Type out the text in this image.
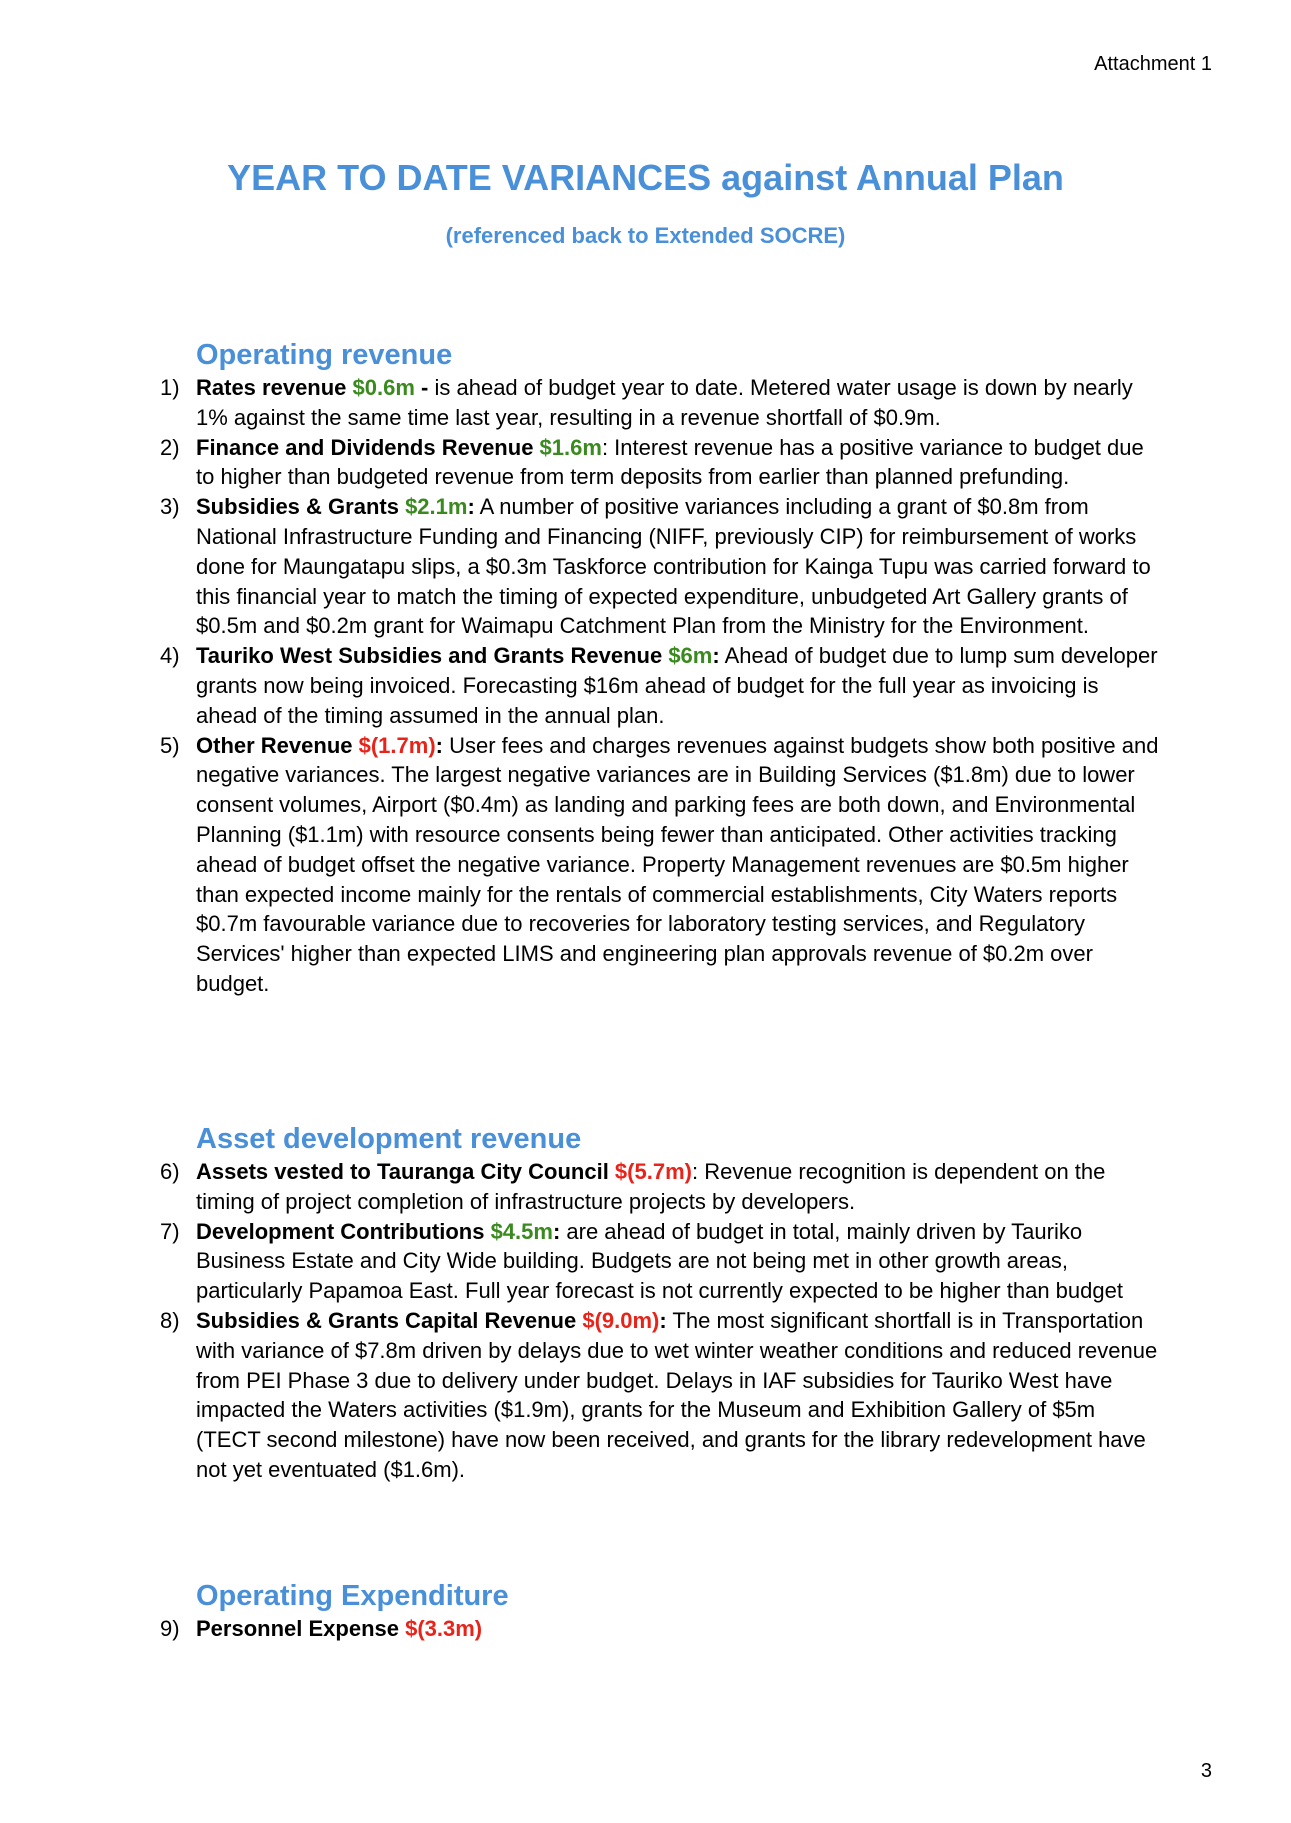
Attachment 1
YEAR TO DATE VARIANCES against Annual Plan
(referenced back to Extended SOCRE)
Operating revenue
1) Rates revenue $0.6m - is ahead of budget year to date. Metered water usage is down by nearly 1% against the same time last year, resulting in a revenue shortfall of $0.9m.
2) Finance and Dividends Revenue $1.6m: Interest revenue has a positive variance to budget due to higher than budgeted revenue from term deposits from earlier than planned prefunding.
3) Subsidies & Grants $2.1m: A number of positive variances including a grant of $0.8m from National Infrastructure Funding and Financing (NIFF, previously CIP) for reimbursement of works done for Maungatapu slips, a $0.3m Taskforce contribution for Kainga Tupu was carried forward to this financial year to match the timing of expected expenditure, unbudgeted Art Gallery grants of $0.5m and $0.2m grant for Waimapu Catchment Plan from the Ministry for the Environment.
4) Tauriko West Subsidies and Grants Revenue $6m: Ahead of budget due to lump sum developer grants now being invoiced. Forecasting $16m ahead of budget for the full year as invoicing is ahead of the timing assumed in the annual plan.
5) Other Revenue $(1.7m): User fees and charges revenues against budgets show both positive and negative variances. The largest negative variances are in Building Services ($1.8m) due to lower consent volumes, Airport ($0.4m) as landing and parking fees are both down, and Environmental Planning ($1.1m) with resource consents being fewer than anticipated. Other activities tracking ahead of budget offset the negative variance. Property Management revenues are $0.5m higher than expected income mainly for the rentals of commercial establishments, City Waters reports $0.7m favourable variance due to recoveries for laboratory testing services, and Regulatory Services' higher than expected LIMS and engineering plan approvals revenue of $0.2m over budget.
Asset development revenue
6) Assets vested to Tauranga City Council $(5.7m): Revenue recognition is dependent on the timing of project completion of infrastructure projects by developers.
7) Development Contributions $4.5m: are ahead of budget in total, mainly driven by Tauriko Business Estate and City Wide building. Budgets are not being met in other growth areas, particularly Papamoa East. Full year forecast is not currently expected to be higher than budget
8) Subsidies & Grants Capital Revenue $(9.0m): The most significant shortfall is in Transportation with variance of $7.8m driven by delays due to wet winter weather conditions and reduced revenue from PEI Phase 3 due to delivery under budget. Delays in IAF subsidies for Tauriko West have impacted the Waters activities ($1.9m), grants for the Museum and Exhibition Gallery of $5m (TECT second milestone) have now been received, and grants for the library redevelopment have not yet eventuated ($1.6m).
Operating Expenditure
9) Personnel Expense $(3.3m)
3
